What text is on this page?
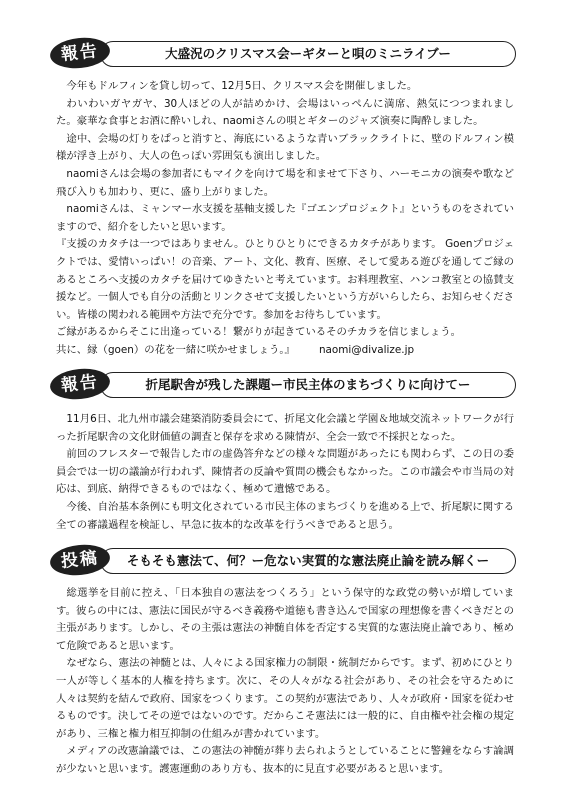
大盛況のクリスマス会ーギターと唄のミニライブー
報告

今年もドルフィンを貸し切って、12月5日、クリスマス会を開催しました。

わいわいガヤガヤ、30人ほどの人が詰めかけ、会場はいっぺんに満席、熱気につつまれました。豪華な食事とお酒に酔いしれ、naomiさんの唄とギターのジャズ演奏に陶酔しました。

途中、会場の灯りをぱっと消すと、海底にいるような青いブラックライトに、壁のドルフィン模様が浮き上がり、大人の色っぽい雰囲気も演出しました。

naomiさんは会場の参加者にもマイクを向けて場を和ませて下さり、ハーモニカの演奏や歌など飛び入りも加わり、更に、盛り上がりました。

naomiさんは、ミャンマー水支援を基軸支援した『ゴエンプロジェクト』というものをされていますので、紹介をしたいと思います。

『支援のカタチは一つではありません。ひとりひとりにできるカタチがあります。 Goenプロジェクトでは、愛情いっぱい！の音楽、アート、文化、教育、医療、そして愛ある遊びを通してご縁のあるところへ支援のカタチを届けてゆきたいと考えています。お料理教室、ハンコ教室との協賛支援など。一個人でも自分の活動とリンクさせて支援したいという方がいらしたら、お知らせください。皆様の関われる範囲や方法で充分です。参加をお待ちしています。

ご縁があるからそこに出逢っている！繋がりが起きているそのチカラを信じましょう。

共に、縁（goen）の花を一緒に咲かせましょう。』 naomi@divalize.jp

折尾駅舎が残した課題ー市民主体のまちづくりに向けてー
報告

11月6日、北九州市議会建築消防委員会にて、折尾文化会議と学園＆地域交流ネットワークが行った折尾駅舎の文化財価値の調査と保存を求める陳情が、全会一致で不採択となった。

前回のフレスターで報告した市の虚偽答弁などの様々な問題があったにも関わらず、この日の委員会では一切の議論が行われず、陳情者の反論や質問の機会もなかった。この市議会や市当局の対応は、到底、納得できるものではなく、極めて遺憾である。

今後、自治基本条例にも明文化されている市民主体のまちづくりを進める上で、折尾駅に関する全ての審議過程を検証し、早急に抜本的な改革を行うべきであると思う。

そもそも憲法て、何？ー危ない実質的な憲法廃止論を読み解くー
投稿

総選挙を目前に控え、「日本独自の憲法をつくろう」という保守的な政党の勢いが増しています。彼らの中には、憲法に国民が守るべき義務や道徳も書き込んで国家の理想像を書くべきだとの主張があります。しかし、その主張は憲法の神髄自体を否定する実質的な憲法廃止論であり、極めて危険であると思います。

なぜなら、憲法の神髄とは、人々による国家権力の制限・統制だからです。まず、初めにひとり一人が等しく基本的人権を持ちます。次に、その人々がなる社会があり、その社会を守るために人々は契約を結んで政府、国家をつくります。この契約が憲法であり、人々が政府・国家を従わせるものです。決してその逆ではないのです。だからこそ憲法には一般的に、自由権や社会権の規定があり、三権と権力相互抑制の仕組みが書かれています。

メディアの改憲論議では、この憲法の神髄が葬り去られようとしていることに警鐘をならす論調が少ないと思います。護憲運動のあり方も、抜本的に見直す必要があると思います。
